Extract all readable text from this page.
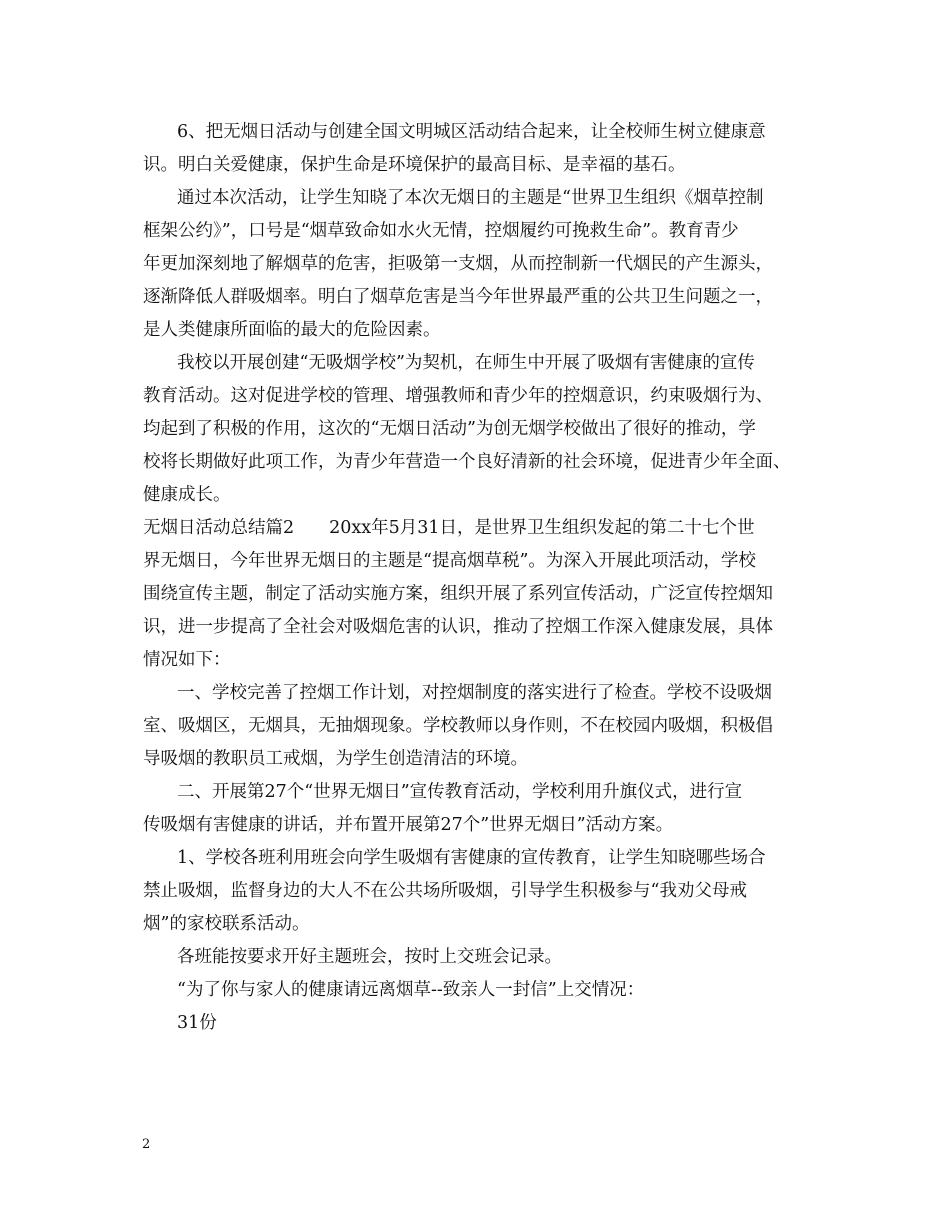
6、把无烟日活动与创建全国文明城区活动结合起来，让全校师生树立健康意
识。明白关爱健康，保护生命是环境保护的最高目标、是幸福的基石。
通过本次活动，让学生知晓了本次无烟日的主题是“世界卫生组织《烟草控制
框架公约》”，口号是“烟草致命如水火无情，控烟履约可挽救生命”。教育青少
年更加深刻地了解烟草的危害，拒吸第一支烟，从而控制新一代烟民的产生源头，
逐渐降低人群吸烟率。明白了烟草危害是当今年世界最严重的公共卫生问题之一，
是人类健康所面临的最大的危险因素。
我校以开展创建“无吸烟学校”为契机，在师生中开展了吸烟有害健康的宣传
教育活动。这对促进学校的管理、增强教师和青少年的控烟意识，约束吸烟行为、
均起到了积极的作用，这次的“无烟日活动”为创无烟学校做出了很好的推动，学
校将长期做好此项工作，为青少年营造一个良好清新的社会环境，促进青少年全面、
健康成长。
无烟日活动总结篇2　　20xx年5月31日，是世界卫生组织发起的第二十七个世
界无烟日，今年世界无烟日的主题是“提高烟草税”。为深入开展此项活动，学校
围绕宣传主题，制定了活动实施方案，组织开展了系列宣传活动，广泛宣传控烟知
识，进一步提高了全社会对吸烟危害的认识，推动了控烟工作深入健康发展，具体
情况如下：
一、学校完善了控烟工作计划，对控烟制度的落实进行了检查。学校不设吸烟
室、吸烟区，无烟具，无抽烟现象。学校教师以身作则，不在校园内吸烟，积极倡
导吸烟的教职员工戒烟，为学生创造清洁的环境。
二、开展第27个“世界无烟日”宣传教育活动，学校利用升旗仪式，进行宣
传吸烟有害健康的讲话，并布置开展第27个”世界无烟日”活动方案。
1、学校各班利用班会向学生吸烟有害健康的宣传教育，让学生知晓哪些场合
禁止吸烟，监督身边的大人不在公共场所吸烟，引导学生积极参与“我劝父母戒
烟”的家校联系活动。
各班能按要求开好主题班会，按时上交班会记录。
“为了你与家人的健康请远离烟草--致亲人一封信”上交情况：
31份
2
